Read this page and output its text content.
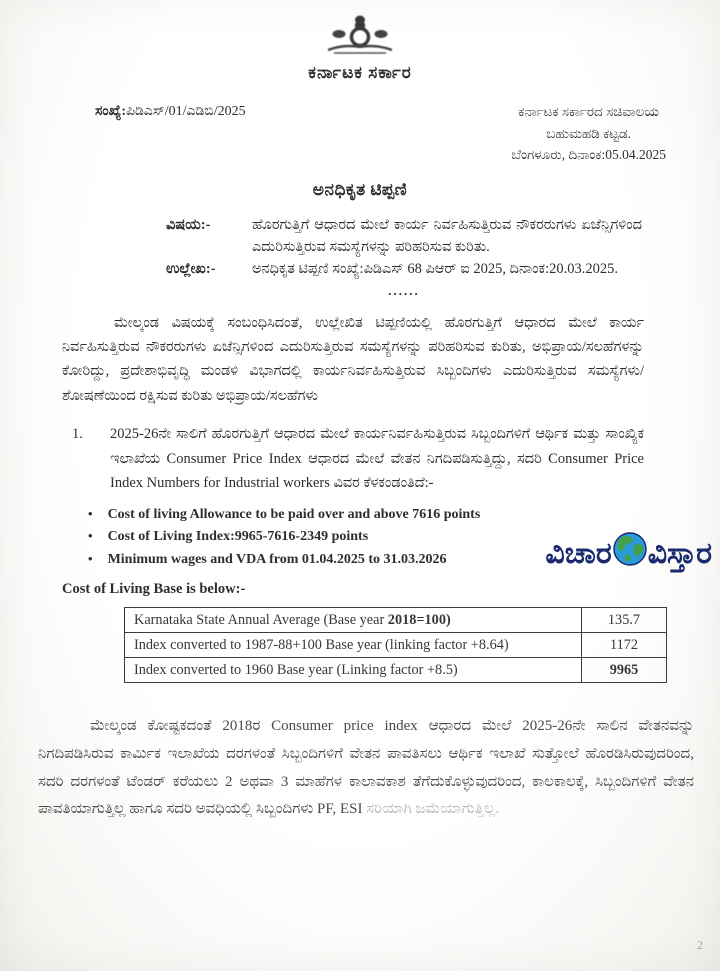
ಕರ್ನಾಟಕ ಸರ್ಕಾರ
ಸಂಖ್ಯೆ:ಪಿಡಿಎಸ್/01/ಎಡಿಬಿ/2025	ಕರ್ನಾಟಕ ಸರ್ಕಾರದ ಸಚಿವಾಲಯ
ಬಹುಮಹಡಿ ಕಟ್ಟಡ.
ಬೆಂಗಳೂರು, ದಿನಾಂಕ:05.04.2025
ಅನಧಿಕೃತ ಟಿಪ್ಪಣಿ
ವಿಷಯ:-	ಹೊರಗುತ್ತಿಗೆ ಆಧಾರದ ಮೇಲೆ ಕಾರ್ಯ ನಿರ್ವಹಿಸುತ್ತಿರುವ ನೌಕರರುಗಳು ಏಜೆನ್ಸಿಗಳಿಂದ ಎದುರಿಸುತ್ತಿರುವ ಸಮಸ್ಯೆಗಳನ್ನು ಪರಿಹರಿಸುವ ಕುರಿತು.
ಉಲ್ಲೇಖ:-	ಅನಧಿಕೃತ ಟಿಪ್ಪಣಿ ಸಂಖ್ಯೆ:ಪಿಡಿಎಸ್ 68 ಪಿಆರ್ ಐ 2025, ದಿನಾಂಕ:20.03.2025.
......
ಮೇಲ್ಕಂಡ ವಿಷಯಕ್ಕೆ ಸಂಬಂಧಿಸಿದಂತೆ, ಉಲ್ಲೇಖಿತ ಟಿಪ್ಪಣಿಯಲ್ಲಿ ಹೊರಗುತ್ತಿಗೆ ಆಧಾರದ ಮೇಲೆ ಕಾರ್ಯ ನಿರ್ವಹಿಸುತ್ತಿರುವ ನೌಕರರುಗಳು ಏಜೆನ್ಸಿಗಳಿಂದ ಎದುರಿಸುತ್ತಿರುವ ಸಮಸ್ಯೆಗಳನ್ನು ಪರಿಹರಿಸುವ ಕುರಿತು, ಅಭಿಪ್ರಾಯ/ಸಲಹೆಗಳನ್ನು ಕೋರಿದ್ದು, ಪ್ರದೇಶಾಭಿವೃದ್ಧಿ ಮಂಡಳಿ ವಿಭಾಗದಲ್ಲಿ ಕಾರ್ಯನಿರ್ವಹಿಸುತ್ತಿರುವ ಸಿಬ್ಬಂದಿಗಳು ಎದುರಿಸುತ್ತಿರುವ ಸಮಸ್ಯೆಗಳು/ಶೋಷಣೆಯಿಂದ ರಕ್ಷಿಸುವ ಕುರಿತು ಅಭಿಪ್ರಾಯ/ಸಲಹೆಗಳು
1.	2025-26ನೇ ಸಾಲಿಗೆ ಹೊರಗುತ್ತಿಗೆ ಆಧಾರದ ಮೇಲೆ ಕಾರ್ಯನಿರ್ವಹಿಸುತ್ತಿರುವ ಸಿಬ್ಬಂದಿಗಳಿಗೆ ಆರ್ಥಿಕ ಮತ್ತು ಸಾಂಖ್ಯಿಕ ಇಲಾಖೆಯ Consumer Price Index ಆಧಾರದ ಮೇಲೆ ವೇತನ ನಿಗದಿಪಡಿಸುತ್ತಿದ್ದು, ಸದರಿ Consumer Price Index Numbers for Industrial workers ವಿವರ ಕೆಳಕಂಡಂತಿದೆ:-
• Cost of living Allowance to be paid over and above 7616 points
• Cost of Living Index:9965-7616-2349 points
• Minimum wages and VDA from 01.04.2025 to 31.03.2026	ವಿಚಾರ ವಿಸ್ತಾರ
Cost of Living Base is below:-
Karnataka State Annual Average (Base year 2018=100)	135.7
Index converted to 1987-88+100 Base year (linking factor +8.64)	1172
Index converted to 1960 Base year (Linking factor +8.5)	9965
ಮೇಲ್ಕಂಡ ಕೋಷ್ಟಕದಂತೆ 2018ರ Consumer price index ಆಧಾರದ ಮೇಲೆ 2025-26ನೇ ಸಾಲಿನ ವೇತನವನ್ನು ನಿಗದಿಪಡಿಸಿರುವ ಕಾರ್ಮಿಕ ಇಲಾಖೆಯ ದರಗಳಂತೆ ಸಿಬ್ಬಂದಿಗಳಿಗೆ ವೇತನ ಪಾವತಿಸಲು ಆರ್ಥಿಕ ಇಲಾಖೆ ಸುತ್ತೋಲೆ ಹೊರಡಿಸಿರುವುದರಿಂದ, ಸದರಿ ದರಗಳಂತೆ ಟೆಂಡರ್ ಕರೆಯಲು 2 ಅಥವಾ 3 ಮಾಹೆಗಳ ಕಾಲಾವಕಾಶ ತೆಗೆದುಕೊಳ್ಳುವುದರಿಂದ, ಕಾಲಕಾಲಕ್ಕೆ, ಸಿಬ್ಬಂದಿಗಳಿಗೆ ವೇತನ ಪಾವತಿಯಾಗುತ್ತಿಲ್ಲ ಹಾಗೂ ಸದರಿ ಅವಧಿಯಲ್ಲಿ ಸಿಬ್ಬಂದಿಗಳು PF, ESI ಸರಿಯಾಗಿ ಜಮೆಯಾಗುತ್ತಿಲ್ಲ.
2
